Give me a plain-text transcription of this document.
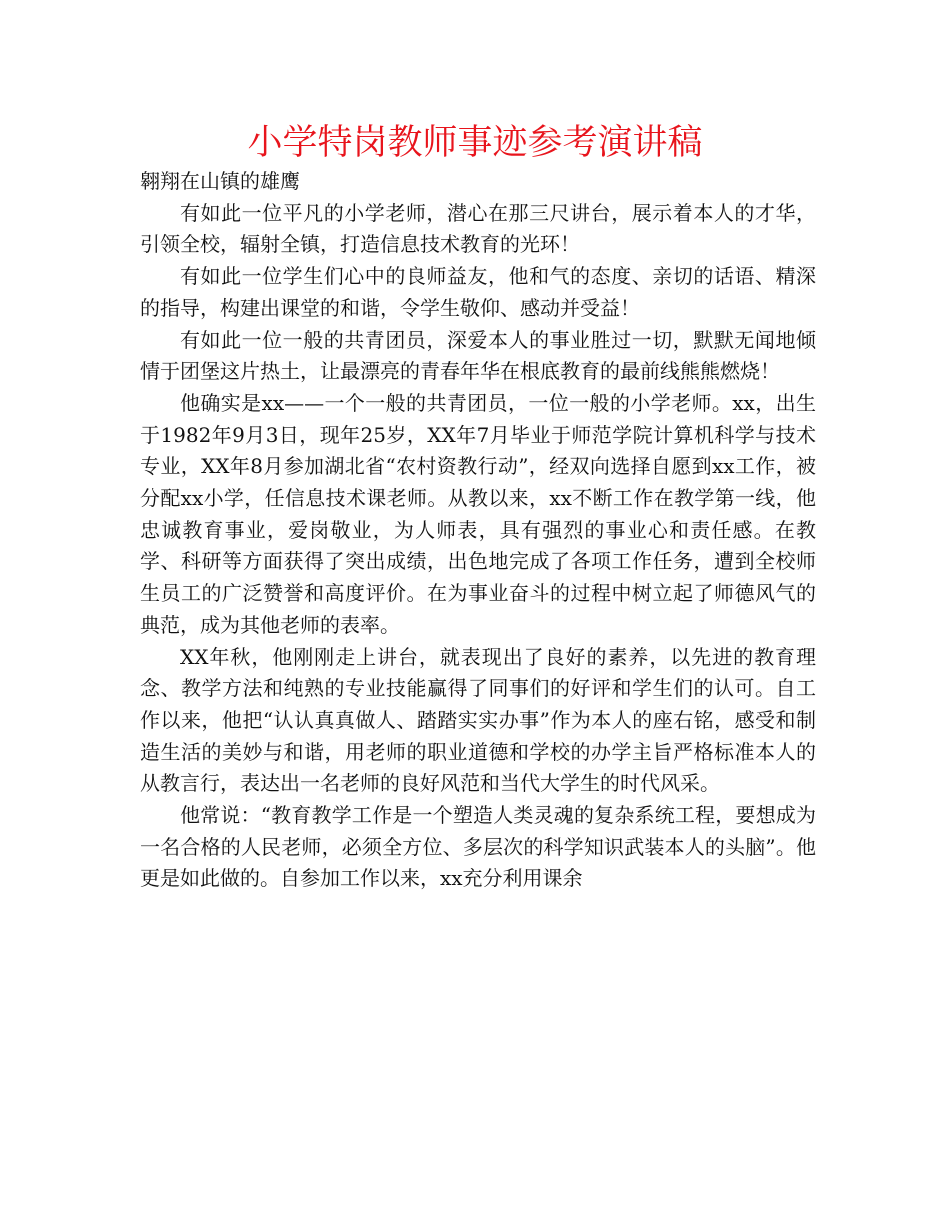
小学特岗教师事迹参考演讲稿

翱翔在山镇的雄鹰

有如此一位平凡的小学老师，潜心在那三尺讲台，展示着本人的才华，引领全校，辐射全镇，打造信息技术教育的光环！

有如此一位学生们心中的良师益友，他和气的态度、亲切的话语、精深的指导，构建出课堂的和谐，令学生敬仰、感动并受益！

有如此一位一般的共青团员，深爱本人的事业胜过一切，默默无闻地倾情于团堡这片热土，让最漂亮的青春年华在根底教育的最前线熊熊燃烧！

他确实是xx——一个一般的共青团员，一位一般的小学老师。xx，出生于1982年9月3日，现年25岁，XX年7月毕业于师范学院计算机科学与技术专业，XX年8月参加湖北省“农村资教行动”，经双向选择自愿到xx工作，被分配xx小学，任信息技术课老师。从教以来，xx不断工作在教学第一线，他忠诚教育事业，爱岗敬业，为人师表，具有强烈的事业心和责任感。在教学、科研等方面获得了突出成绩，出色地完成了各项工作任务，遭到全校师生员工的广泛赞誉和高度评价。在为事业奋斗的过程中树立起了师德风气的典范，成为其他老师的表率。

XX年秋，他刚刚走上讲台，就表现出了良好的素养，以先进的教育理念、教学方法和纯熟的专业技能赢得了同事们的好评和学生们的认可。自工作以来，他把“认认真真做人、踏踏实实办事”作为本人的座右铭，感受和制造生活的美妙与和谐，用老师的职业道德和学校的办学主旨严格标准本人的从教言行，表达出一名老师的良好风范和当代大学生的时代风采。

他常说：“教育教学工作是一个塑造人类灵魂的复杂系统工程，要想成为一名合格的人民老师，必须全方位、多层次的科学知识武装本人的头脑”。他更是如此做的。自参加工作以来，xx充分利用课余
